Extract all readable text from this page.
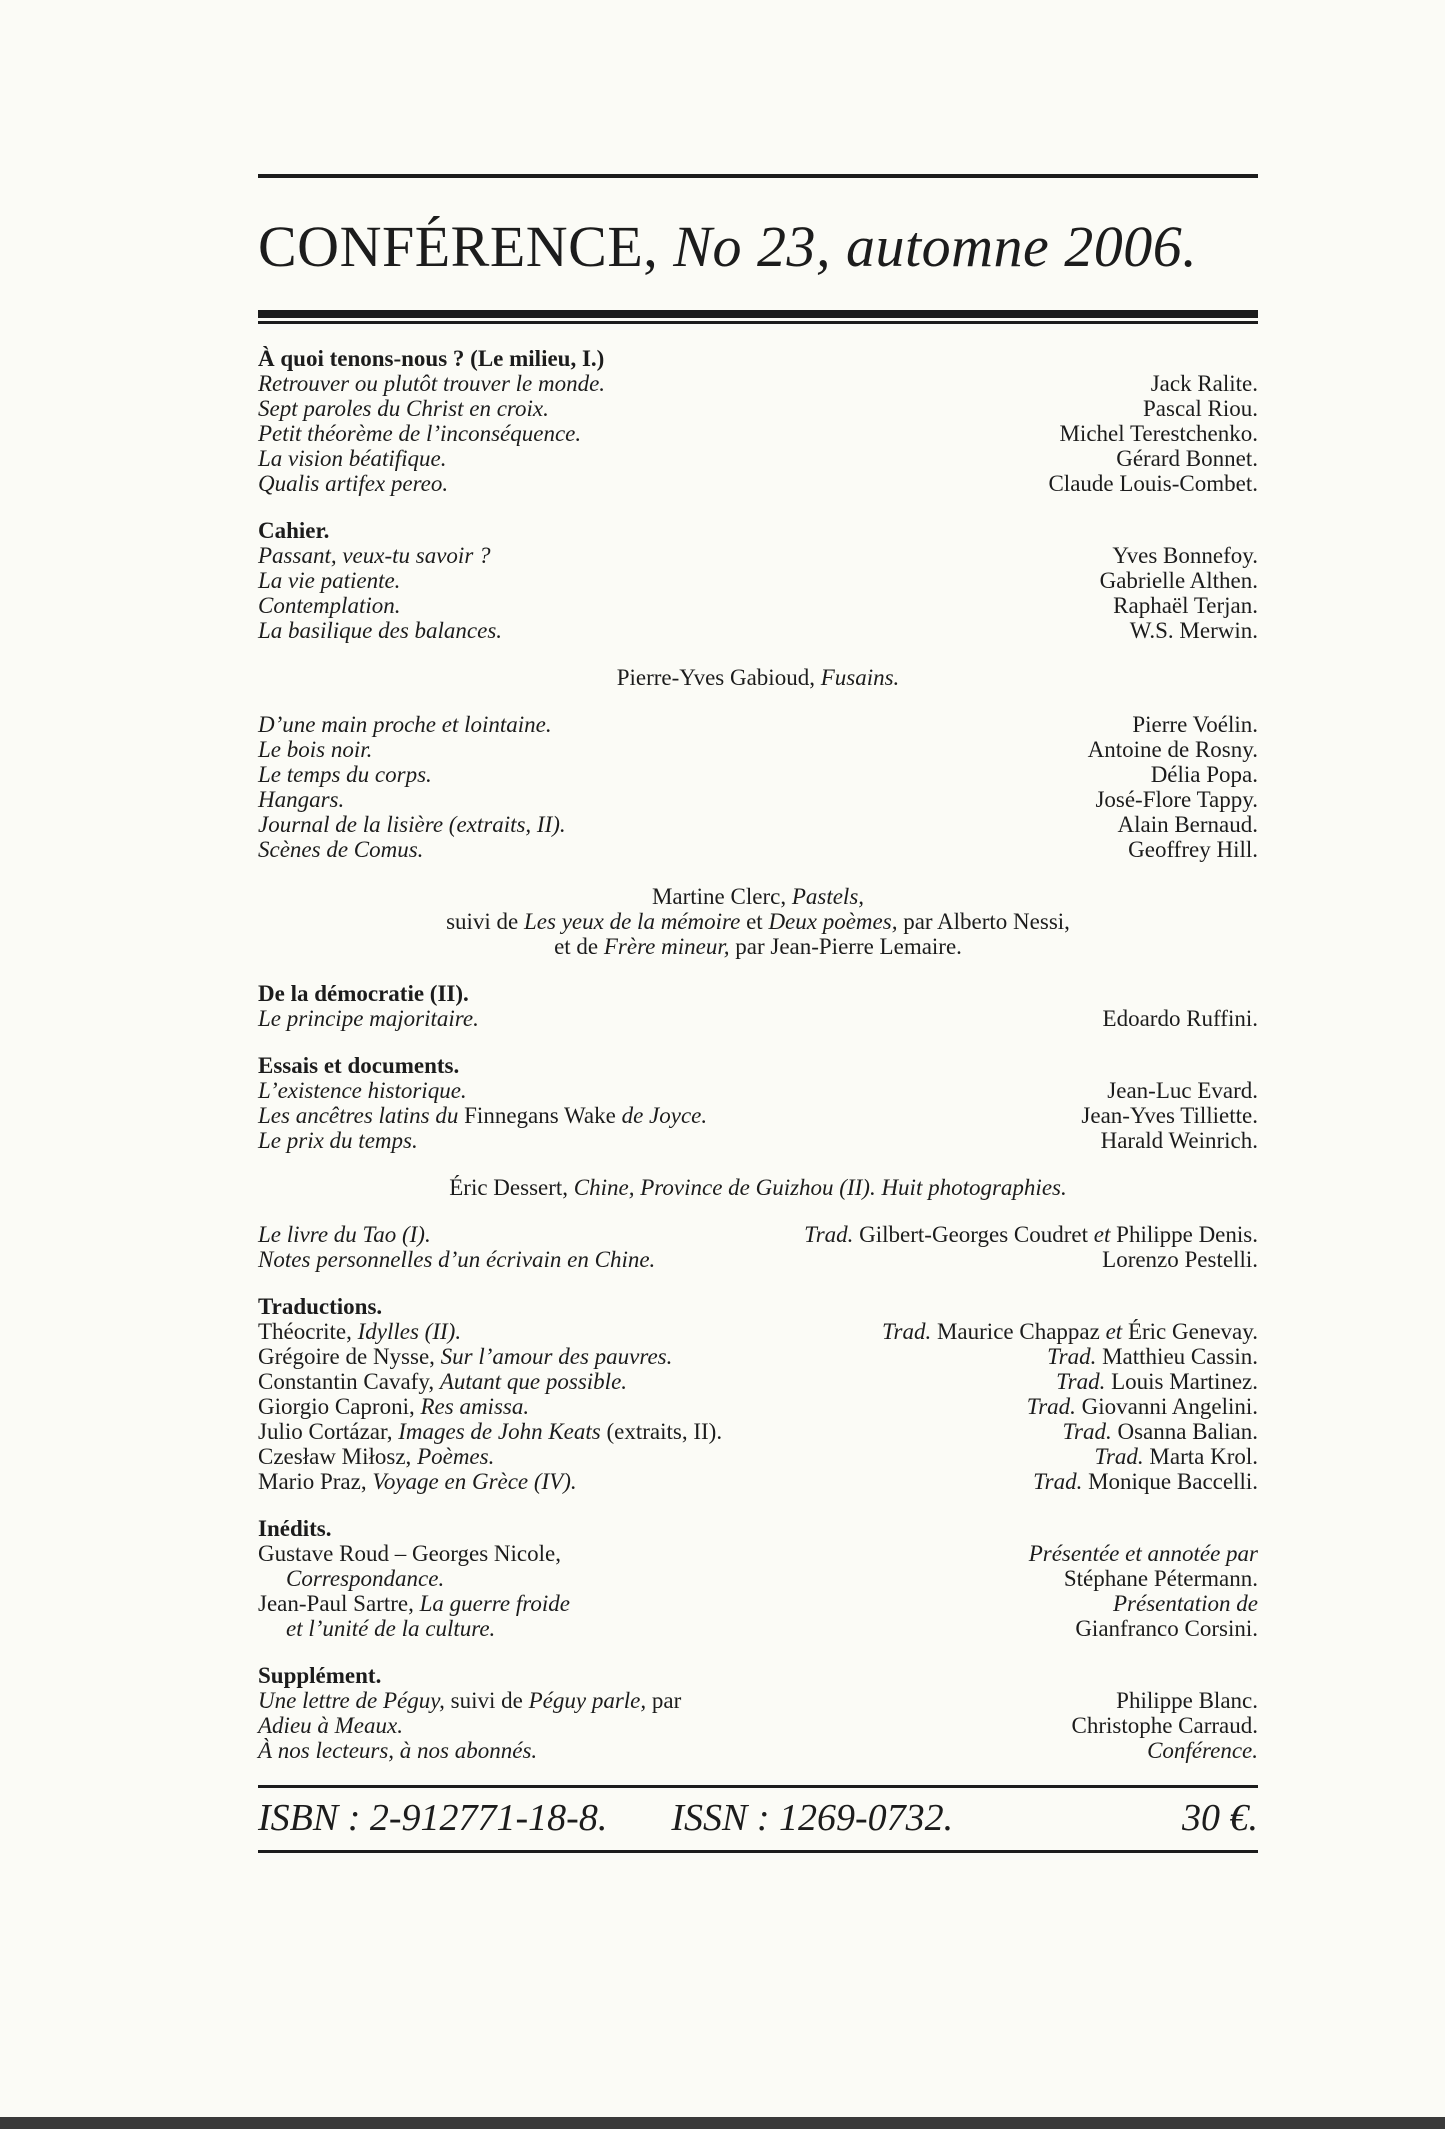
CONFÉRENCE, No 23, automne 2006.
À quoi tenons-nous ? (Le milieu, I.)
Retrouver ou plutôt trouver le monde.	Jack Ralite.
Sept paroles du Christ en croix.	Pascal Riou.
Petit théorème de l’inconséquence.	Michel Terestchenko.
La vision béatifique.	Gérard Bonnet.
Qualis artifex pereo.	Claude Louis-Combet.
Cahier.
Passant, veux-tu savoir ?	Yves Bonnefoy.
La vie patiente.	Gabrielle Althen.
Contemplation.	Raphaël Terjan.
La basilique des balances.	W.S. Merwin.
Pierre-Yves Gabioud, Fusains.
D’une main proche et lointaine.	Pierre Voélin.
Le bois noir.	Antoine de Rosny.
Le temps du corps.	Délia Popa.
Hangars.	José-Flore Tappy.
Journal de la lisière (extraits, II).	Alain Bernaud.
Scènes de Comus.	Geoffrey Hill.
Martine Clerc, Pastels,
suivi de Les yeux de la mémoire et Deux poèmes, par Alberto Nessi,
et de Frère mineur, par Jean-Pierre Lemaire.
De la démocratie (II).
Le principe majoritaire.	Edoardo Ruffini.
Essais et documents.
L’existence historique.	Jean-Luc Evard.
Les ancêtres latins du Finnegans Wake de Joyce.	Jean-Yves Tilliette.
Le prix du temps.	Harald Weinrich.
Éric Dessert, Chine, Province de Guizhou (II). Huit photographies.
Le livre du Tao (I).	Trad. Gilbert-Georges Coudret et Philippe Denis.
Notes personnelles d’un écrivain en Chine.	Lorenzo Pestelli.
Traductions.
Théocrite, Idylles (II).	Trad. Maurice Chappaz et Éric Genevay.
Grégoire de Nysse, Sur l’amour des pauvres.	Trad. Matthieu Cassin.
Constantin Cavafy, Autant que possible.	Trad. Louis Martinez.
Giorgio Caproni, Res amissa.	Trad. Giovanni Angelini.
Julio Cortázar, Images de John Keats (extraits, II).	Trad. Osanna Balian.
Czesław Miłosz, Poèmes.	Trad. Marta Krol.
Mario Praz, Voyage en Grèce (IV).	Trad. Monique Baccelli.
Inédits.
Gustave Roud – Georges Nicole,	Présentée et annotée par
Correspondance.	Stéphane Pétermann.
Jean-Paul Sartre, La guerre froide	Présentation de
et l’unité de la culture.	Gianfranco Corsini.
Supplément.
Une lettre de Péguy, suivi de Péguy parle, par	Philippe Blanc.
Adieu à Meaux.	Christophe Carraud.
À nos lecteurs, à nos abonnés.	Conférence.
ISBN : 2-912771-18-8. ISSN : 1269-0732.	30 €.
